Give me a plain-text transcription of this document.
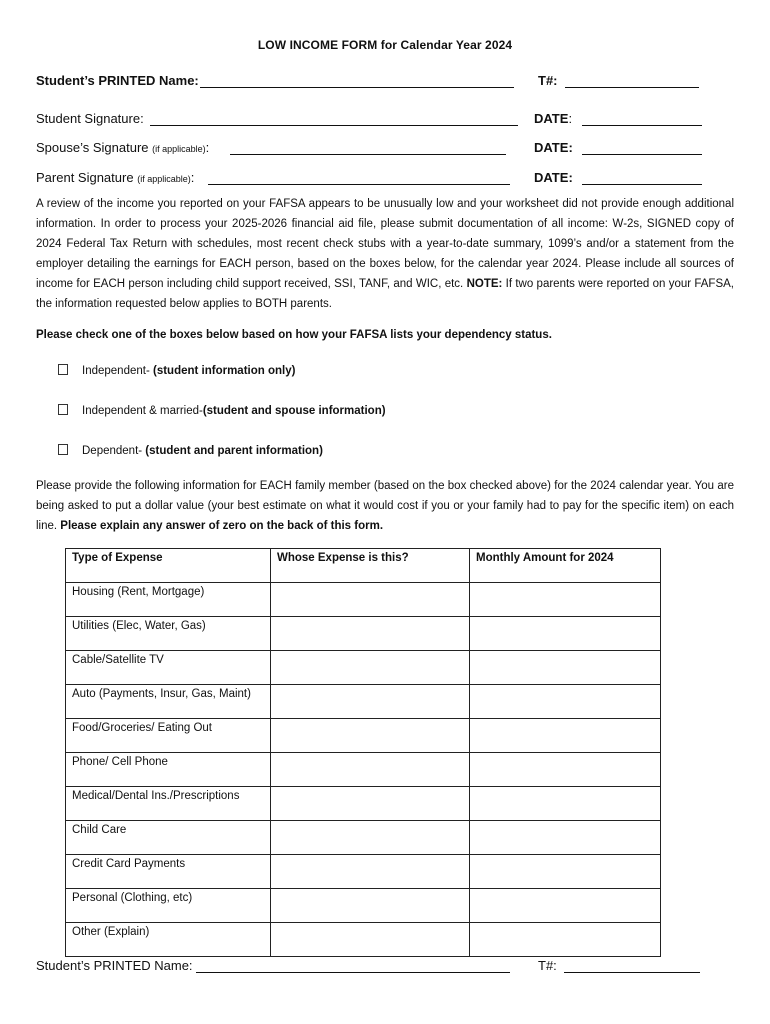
LOW INCOME FORM for Calendar Year 2024
Student’s PRINTED Name:	T#:
Student Signature:	DATE:
Spouse’s Signature (if applicable):	DATE:
Parent Signature (if applicable):	DATE:
A review of the income you reported on your FAFSA appears to be unusually low and your worksheet did not provide enough additional information. In order to process your 2025-2026 financial aid file, please submit documentation of all income: W-2s, SIGNED copy of 2024 Federal Tax Return with schedules, most recent check stubs with a year-to-date summary, 1099’s and/or a statement from the employer detailing the earnings for EACH person, based on the boxes below, for the calendar year 2024. Please include all sources of income for EACH person including child support received, SSI, TANF, and WIC, etc. NOTE: If two parents were reported on your FAFSA, the information requested below applies to BOTH parents.
Please check one of the boxes below based on how your FAFSA lists your dependency status.
Independent- (student information only)
Independent & married-(student and spouse information)
Dependent- (student and parent information)
Please provide the following information for EACH family member (based on the box checked above) for the 2024 calendar year. You are being asked to put a dollar value (your best estimate on what it would cost if you or your family had to pay for the specific item) on each line. Please explain any answer of zero on the back of this form.
Type of Expense	Whose Expense is this?	Monthly Amount for 2024
Housing (Rent, Mortgage)		
Utilities (Elec, Water, Gas)		
Cable/Satellite TV		
Auto (Payments, Insur, Gas, Maint)		
Food/Groceries/ Eating Out		
Phone/ Cell Phone		
Medical/Dental Ins./Prescriptions		
Child Care		
Credit Card Payments		
Personal (Clothing, etc)		
Other (Explain)		
Student’s PRINTED Name:	T#:
